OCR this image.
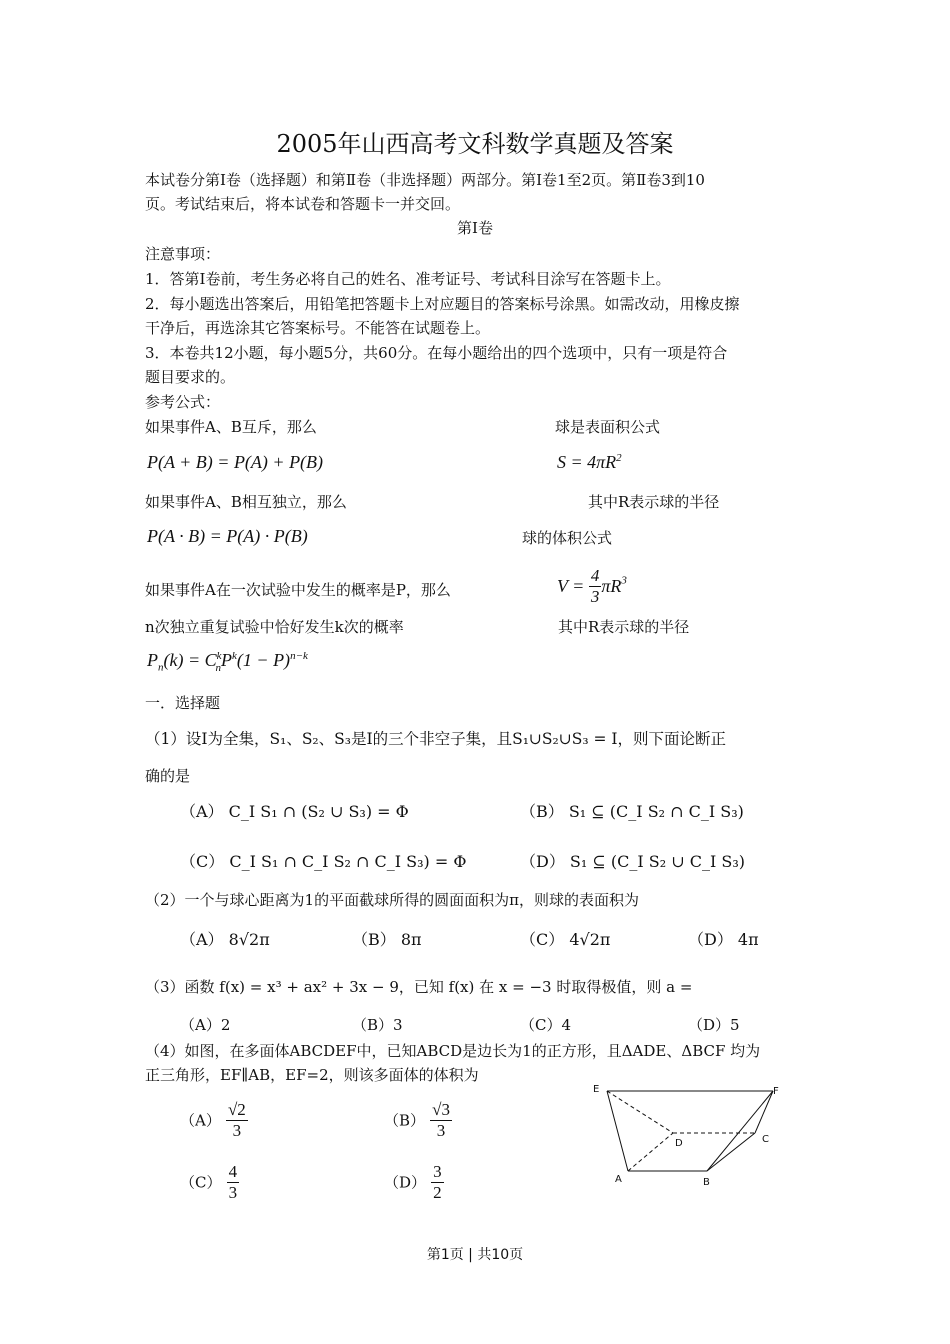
2005年山西高考文科数学真题及答案
本试卷分第Ⅰ卷（选择题）和第Ⅱ卷（非选择题）两部分。第Ⅰ卷1至2页。第Ⅱ卷3到10
页。考试结束后，将本试卷和答题卡一并交回。
第Ⅰ卷
注意事项：
1．答第Ⅰ卷前，考生务必将自己的姓名、准考证号、考试科目涂写在答题卡上。
2．每小题选出答案后，用铅笔把答题卡上对应题目的答案标号涂黑。如需改动，用橡皮擦
干净后，再选涂其它答案标号。不能答在试题卷上。
3．本卷共12小题，每小题5分，共60分。在每小题给出的四个选项中，只有一项是符合
题目要求的。
参考公式：
如果事件A、B互斥，那么	球是表面积公式
P(A + B) = P(A) + P(B)	$S = 4\pi R^2$
如果事件A、B相互独立，那么	其中R表示球的半径
P(A · B) = P(A) · P(B)	球的体积公式
如果事件A在一次试验中发生的概率是P，那么	$V = \frac{4}{3} \pi R^3$
n次独立重复试验中恰好发生k次的概率	其中R表示球的半径
$P_n(k) = C^k_nP^k(1 - P)^{n-k}$
一．选择题
（1）设I为全集，S₁、S₂、S₃是I的三个非空子集，且S₁∪S₂∪S₃ = I，则下面论断正
确的是
（A） C_I S₁ ∩ (S₂ ∪ S₃) = Φ	（B） S₁ ⊆ (C_I S₂ ∩ C_I S₃)
（C） C_I S₁ ∩ C_I S₂ ∩ C_I S₃) = Φ	（D） S₁ ⊆ (C_I S₂ ∪ C_I S₃)
（2）一个与球心距离为1的平面截球所得的圆面面积为π，则球的表面积为
（A） 8√2π	（B） 8π	（C） 4√2π	（D） 4π
（3）函数 f(x) = x³ + ax² + 3x − 9，已知 f(x) 在 x = −3 时取得极值，则 a =
（A）2	（B）3	（C）4	（D）5
（4）如图，在多面体ABCDEF中，已知ABCD是边长为1的正方形，且ΔADE、ΔBCF 均为
正三角形，EF∥AB，EF=2，则该多面体的体积为
$(A) \frac{√2}{3}$	$(B) \frac{√3}{3}$
$(C) \frac{4}{3}$	$(D) \frac{3}{2}$
E	F
D	C
A	B
第1页 | 共10页
